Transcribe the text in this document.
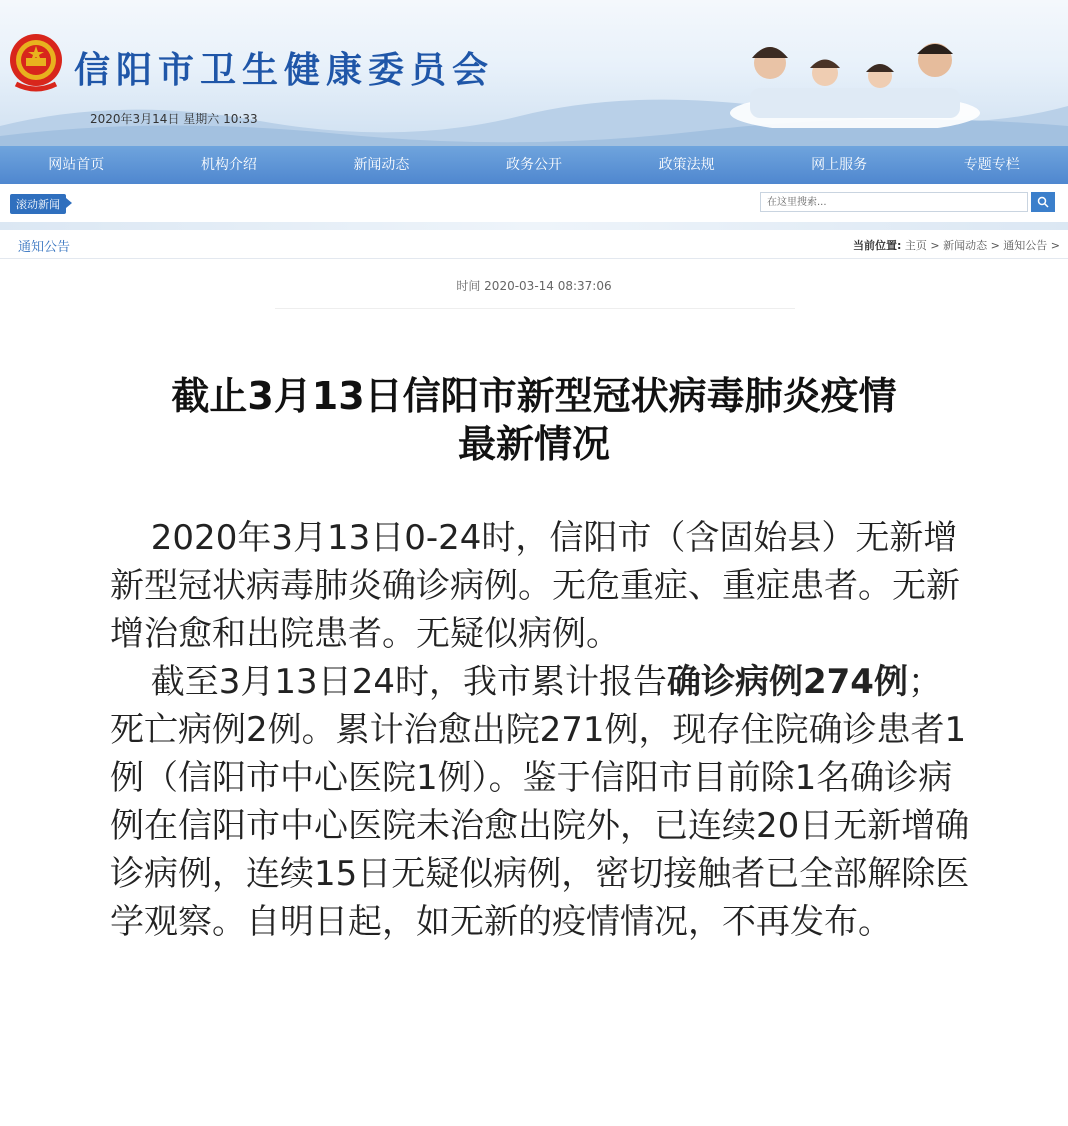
信阳市卫生健康委员会
2020年3月14日 星期六 10:33
网站首页	机构介绍	新闻动态	政务公开	政策法规	网上服务	专题专栏
滚动新闻	在这里搜索...
通知公告	当前位置: 主页 > 新闻动态 > 通知公告 >
时间 2020-03-14 08:37:06
截止3月13日信阳市新型冠状病毒肺炎疫情
最新情况

2020年3月13日0-24时，信阳市（含固始县）无新增新型冠状病毒肺炎确诊病例。无危重症、重症患者。无新增治愈和出院患者。无疑似病例。

截至3月13日24时，我市累计报告确诊病例274例；死亡病例2例。累计治愈出院271例，现存住院确诊患者1例（信阳市中心医院1例）。鉴于信阳市目前除1名确诊病例在信阳市中心医院未治愈出院外，已连续20日无新增确诊病例，连续15日无疑似病例，密切接触者已全部解除医学观察。自明日起，如无新的疫情情况，不再发布。
